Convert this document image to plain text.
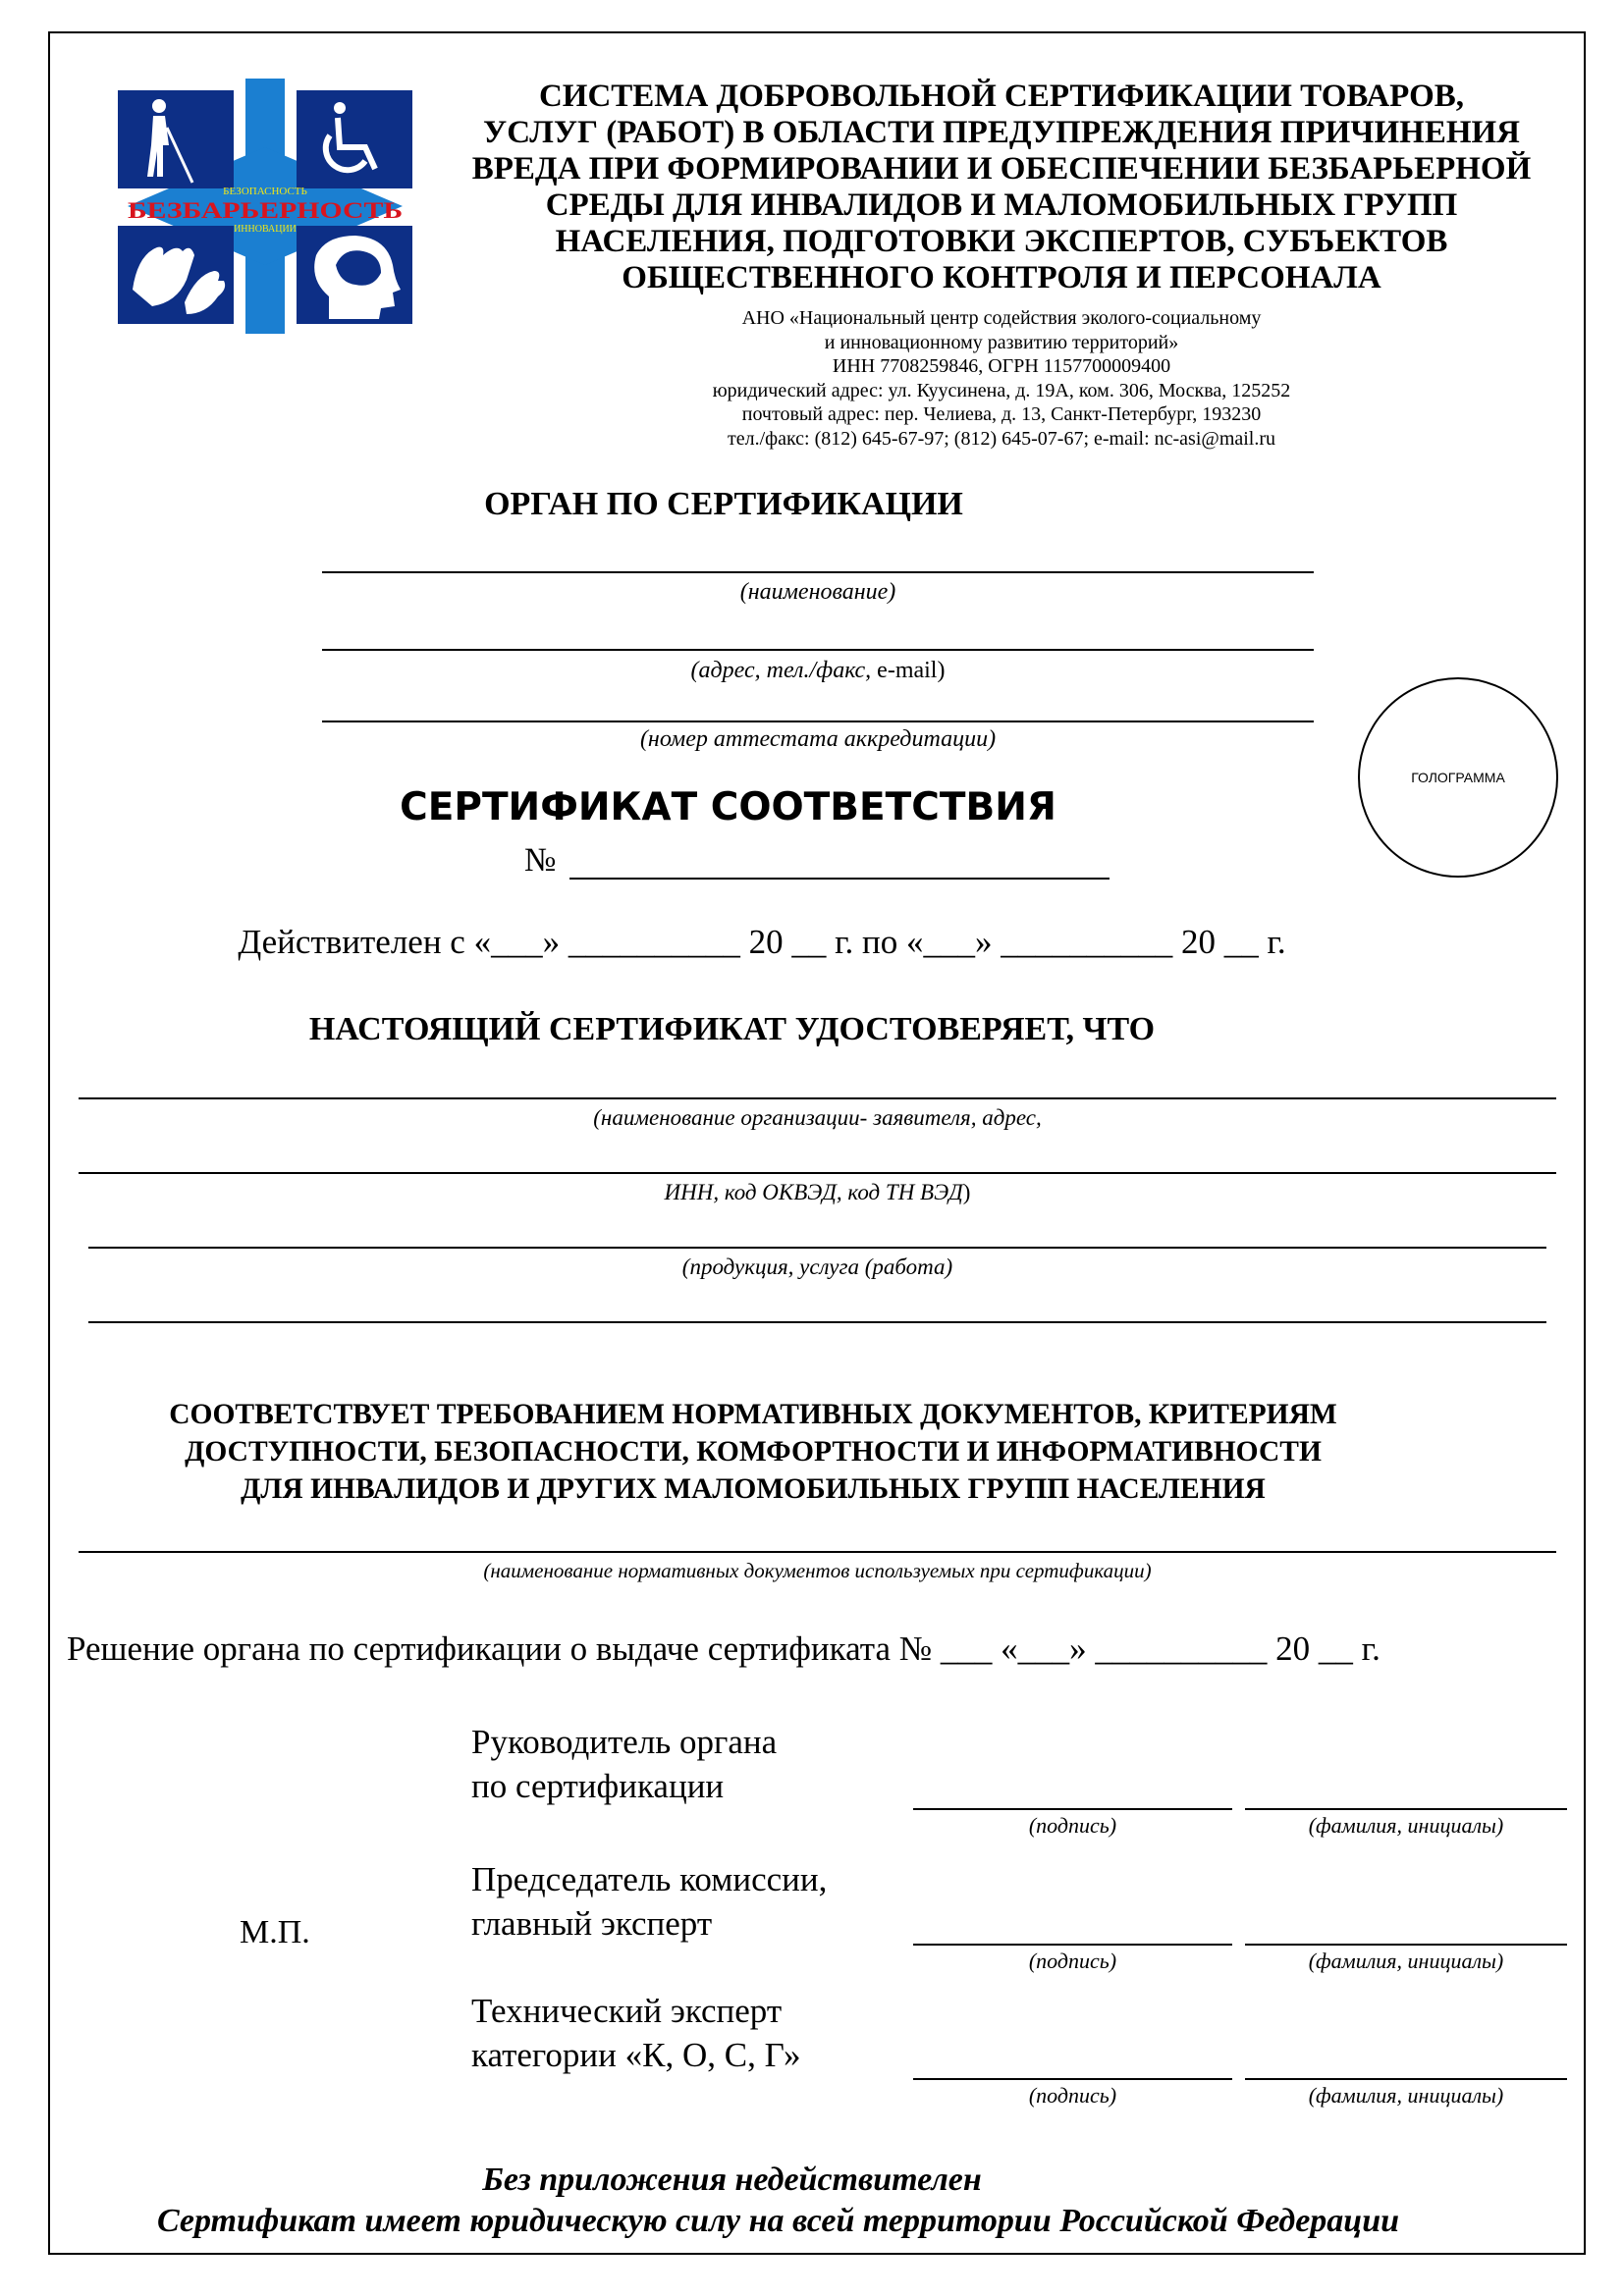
БЕЗОПАСНОСТЬ
БЕЗБАРЬЕРНОСТЬ
ИННОВАЦИИ
СИСТЕМА ДОБРОВОЛЬНОЙ СЕРТИФИКАЦИИ ТОВАРОВ,
УСЛУГ (РАБОТ) В ОБЛАСТИ ПРЕДУПРЕЖДЕНИЯ ПРИЧИНЕНИЯ
ВРЕДА ПРИ ФОРМИРОВАНИИ И ОБЕСПЕЧЕНИИ БЕЗБАРЬЕРНОЙ
СРЕДЫ ДЛЯ ИНВАЛИДОВ И МАЛОМОБИЛЬНЫХ ГРУПП
НАСЕЛЕНИЯ, ПОДГОТОВКИ ЭКСПЕРТОВ, СУБЪЕКТОВ
ОБЩЕСТВЕННОГО КОНТРОЛЯ И ПЕРСОНАЛА
АНО «Национальный центр содействия эколого-социальному
и инновационному развитию территорий»
ИНН 7708259846, ОГРН 1157700009400
юридический адрес: ул. Куусинена, д. 19А, ком. 306, Москва, 125252
почтовый адрес: пер. Челиева, д. 13, Санкт-Петербург, 193230
тел./факс: (812) 645-67-97; (812) 645-07-67; e-mail: nc-asi@mail.ru
ОРГАН ПО СЕРТИФИКАЦИИ
(наименование)
(адрес, тел./факс, e-mail)
(номер аттестата аккредитации)
ГОЛОГРАММА
СЕРТИФИКАТ СООТВЕТСТВИЯ
№
Действителен с «___» __________ 20 __ г. по «___» __________ 20 __ г.
НАСТОЯЩИЙ СЕРТИФИКАТ УДОСТОВЕРЯЕТ, ЧТО
(наименование организации- заявителя, адрес,
ИНН, код ОКВЭД, код ТН ВЭД)
(продукция, услуга (работа)
СООТВЕТСТВУЕТ ТРЕБОВАНИЕМ НОРМАТИВНЫХ ДОКУМЕНТОВ, КРИТЕРИЯМ
ДОСТУПНОСТИ, БЕЗОПАСНОСТИ, КОМФОРТНОСТИ И ИНФОРМАТИВНОСТИ
ДЛЯ ИНВАЛИДОВ И ДРУГИХ МАЛОМОБИЛЬНЫХ ГРУПП НАСЕЛЕНИЯ
(наименование нормативных документов используемых при сертификации)
Решение органа по сертификации о выдаче сертификата № ___ «___» __________ 20 __ г.
Руководитель органа
по сертификации
(подпись)	(фамилия, инициалы)
Председатель комиссии,
главный эксперт
М.П.
(подпись)	(фамилия, инициалы)
Технический эксперт
категории «К, О, С, Г»
(подпись)	(фамилия, инициалы)
Без приложения недействителен
Сертификат имеет юридическую силу на всей территории Российской Федерации
